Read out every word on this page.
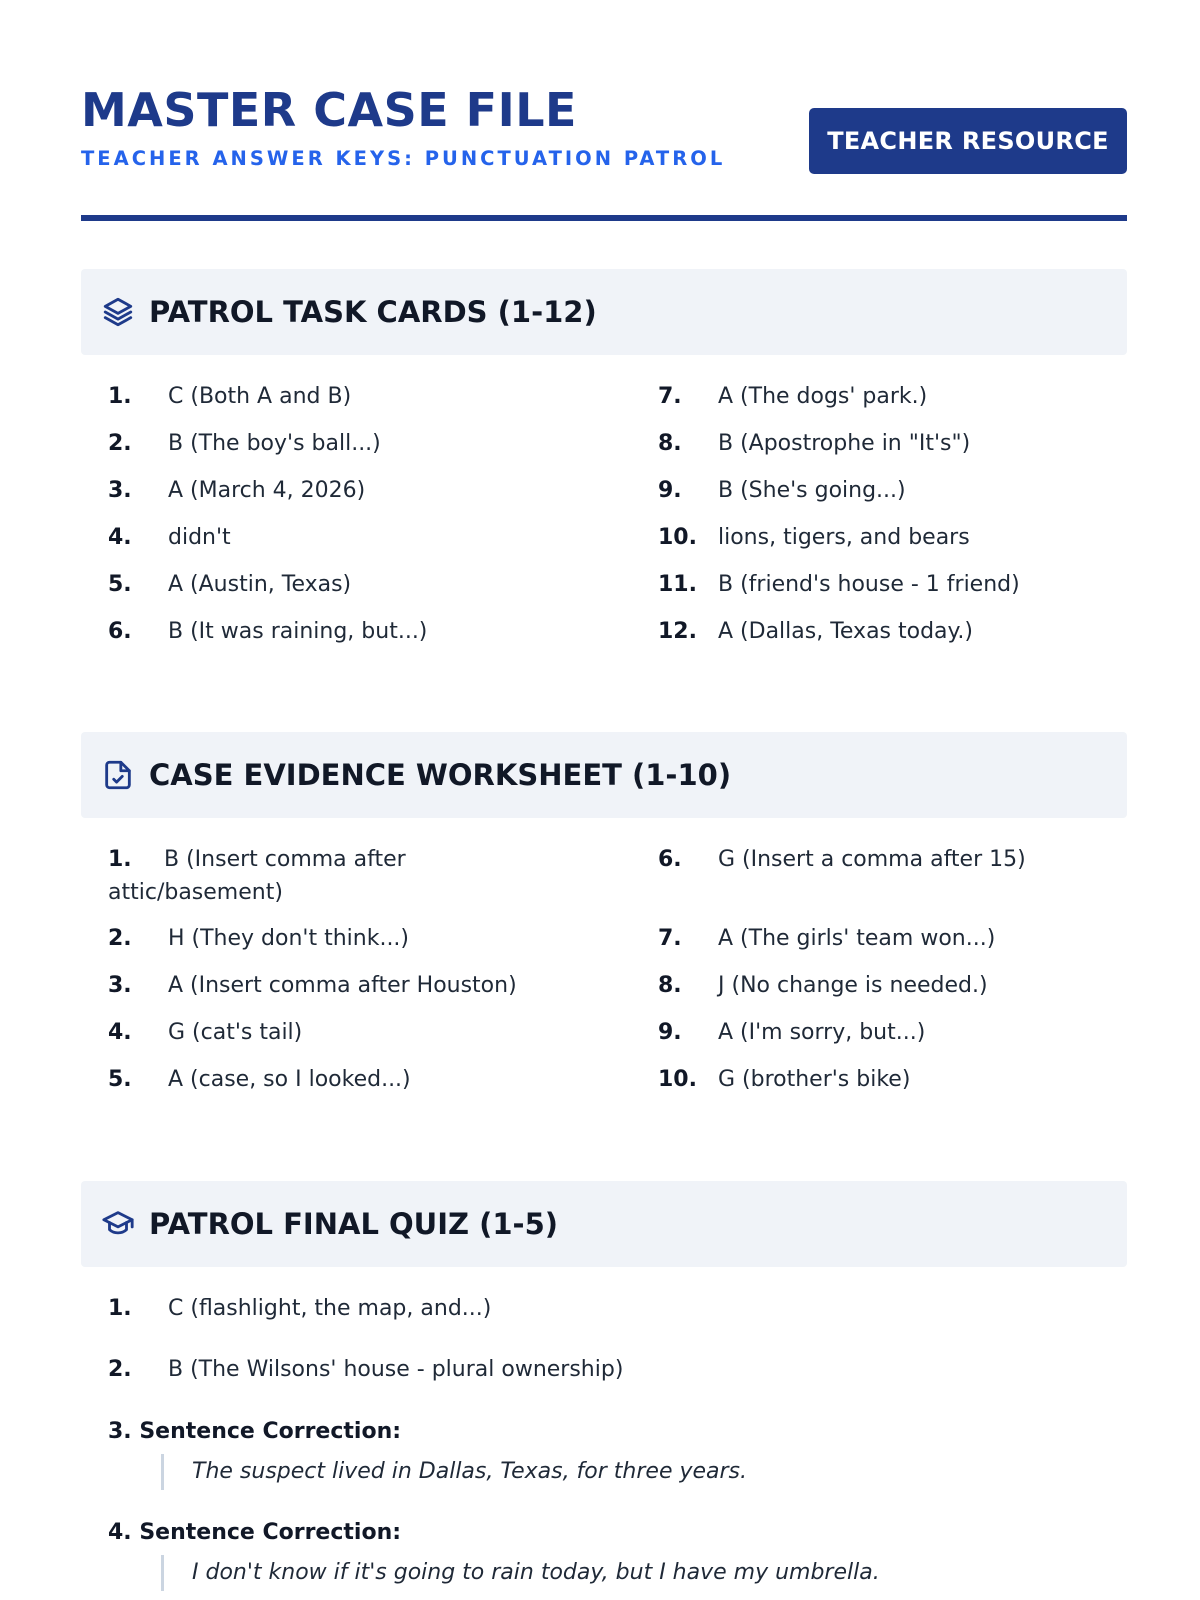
MASTER CASE FILE
TEACHER ANSWER KEYS: PUNCTUATION PATROL
TEACHER RESOURCE
PATROL TASK CARDS (1-12)
1. C (Both A and B)
2. B (The boy's ball...)
3. A (March 4, 2026)
4. didn't
5. A (Austin, Texas)
6. B (It was raining, but...)
7. A (The dogs' park.)
8. B (Apostrophe in "It's")
9. B (She's going...)
10. lions, tigers, and bears
11. B (friend's house - 1 friend)
12. A (Dallas, Texas today.)
CASE EVIDENCE WORKSHEET (1-10)
1. B (Insert comma after attic/basement)
2. H (They don't think...)
3. A (Insert comma after Houston)
4. G (cat's tail)
5. A (case, so I looked...)
6. G (Insert a comma after 15)
7. A (The girls' team won...)
8. J (No change is needed.)
9. A (I'm sorry, but...)
10. G (brother's bike)
PATROL FINAL QUIZ (1-5)
1. C (flashlight, the map, and...)
2. B (The Wilsons' house - plural ownership)
3. Sentence Correction:
The suspect lived in Dallas, Texas, for three years.
4. Sentence Correction:
I don't know if it's going to rain today, but I have my umbrella.
